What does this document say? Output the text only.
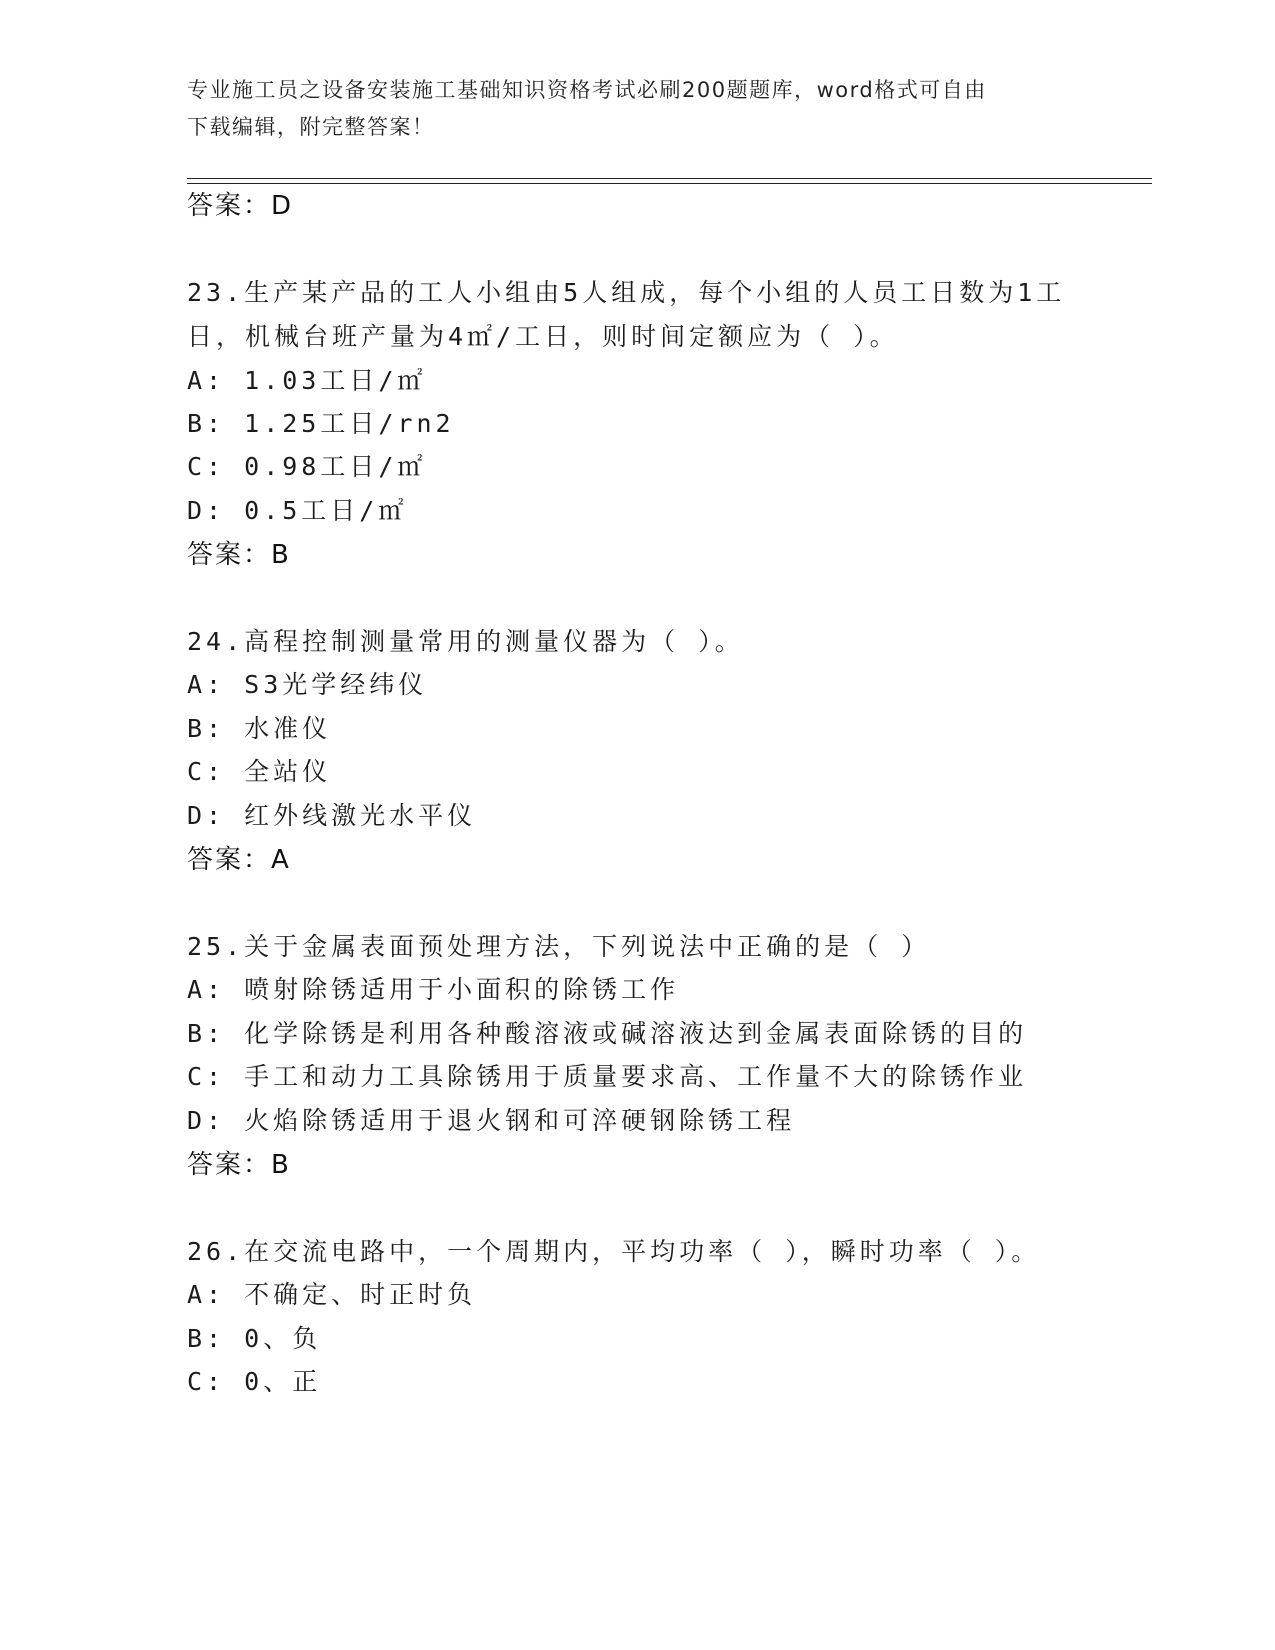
专业施工员之设备安装施工基础知识资格考试必刷200题题库，word格式可自由
下载编辑，附完整答案！
答案：D
23.生产某产品的工人小组由5人组成，每个小组的人员工日数为1工
日，机械台班产量为4㎡/工日，则时间定额应为（ ）。
A: 1.03工日/㎡
B: 1.25工日/rn2
C: 0.98工日/㎡
D: 0.5工日/㎡
答案：B
24.高程控制测量常用的测量仪器为（ ）。
A: S3光学经纬仪
B: 水准仪
C: 全站仪
D: 红外线激光水平仪
答案：A
25.关于金属表面预处理方法，下列说法中正确的是（ ）
A: 喷射除锈适用于小面积的除锈工作
B: 化学除锈是利用各种酸溶液或碱溶液达到金属表面除锈的目的
C: 手工和动力工具除锈用于质量要求高、工作量不大的除锈作业
D: 火焰除锈适用于退火钢和可淬硬钢除锈工程
答案：B
26.在交流电路中，一个周期内，平均功率（ ），瞬时功率（ ）。
A: 不确定、时正时负
B: 0、负
C: 0、正
